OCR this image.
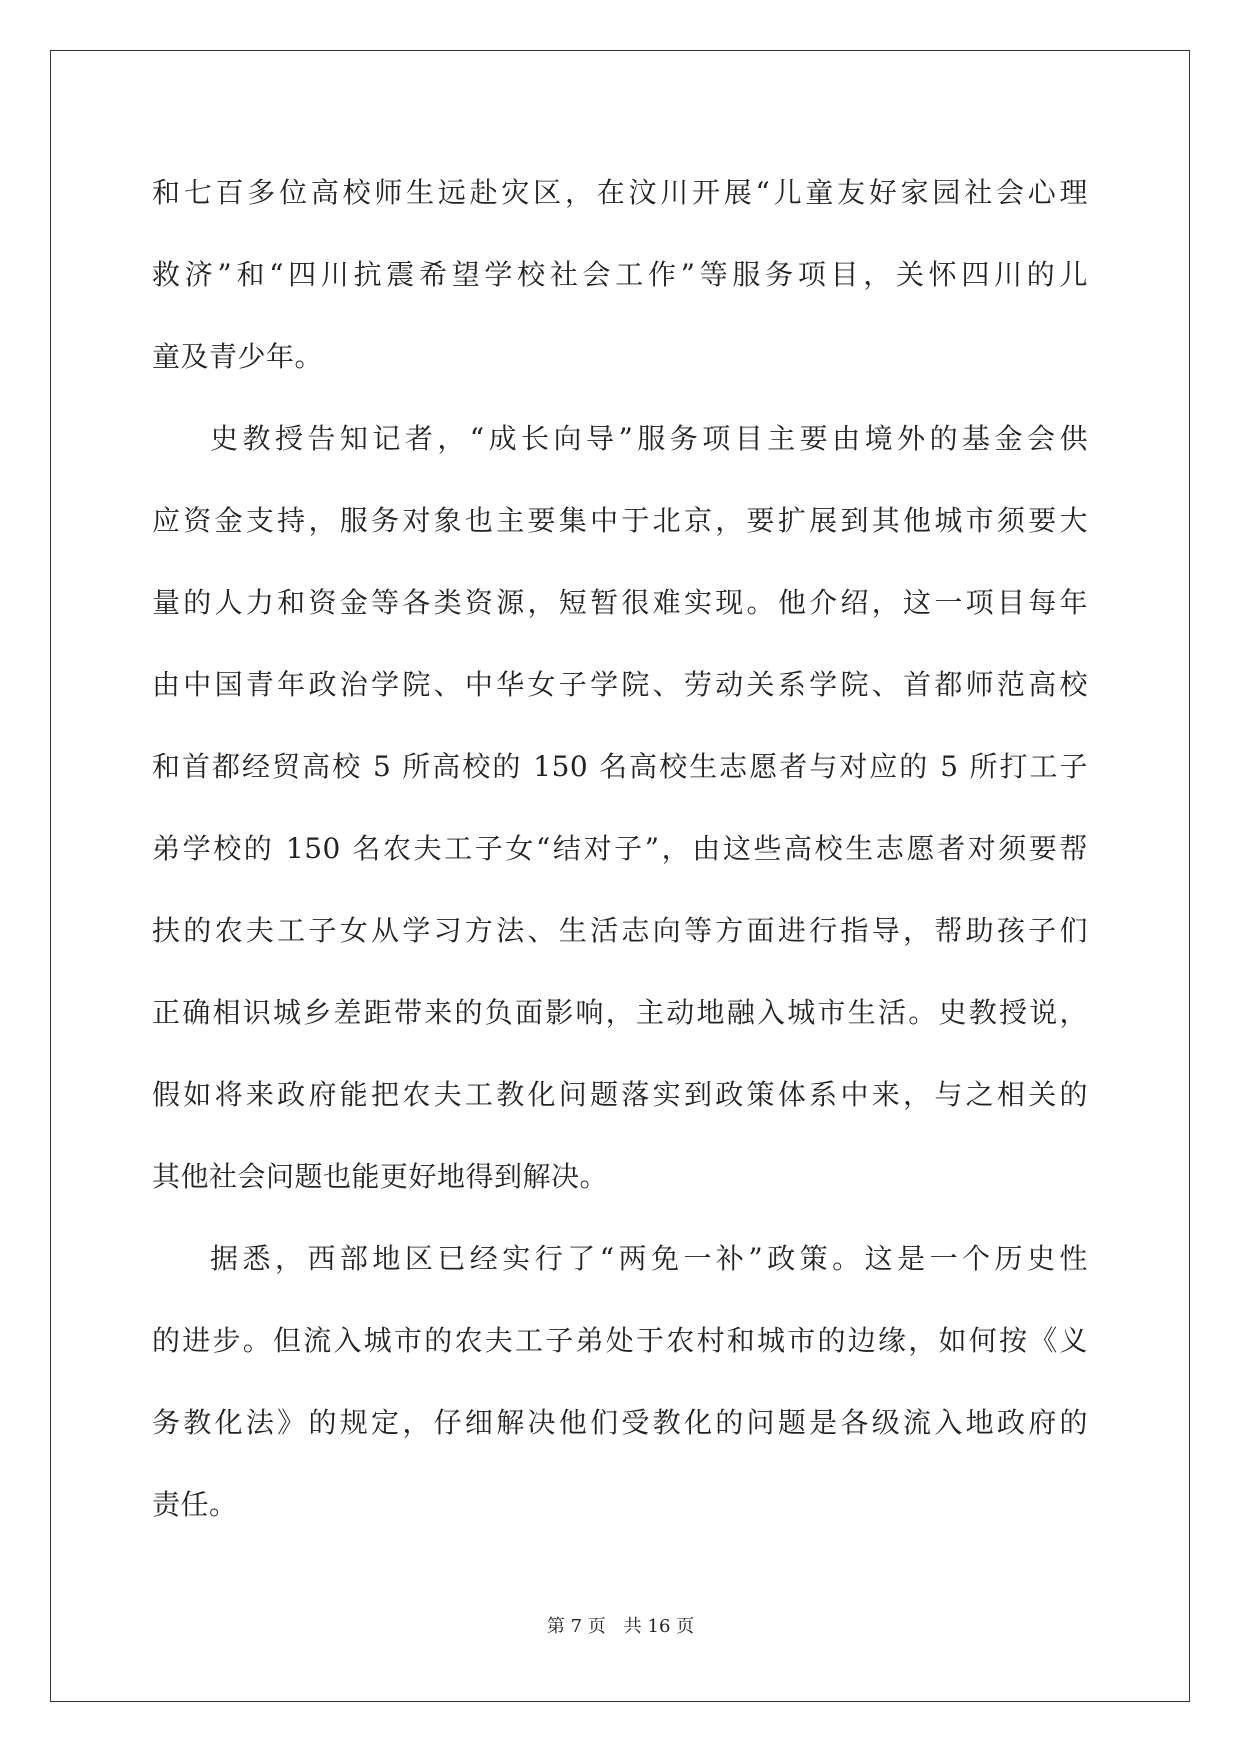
和七百多位高校师生远赴灾区，在汶川开展“儿童友好家园社会心理
救济”和“四川抗震希望学校社会工作”等服务项目，关怀四川的儿
童及青少年。
史教授告知记者，“成长向导”服务项目主要由境外的基金会供
应资金支持，服务对象也主要集中于北京，要扩展到其他城市须要大
量的人力和资金等各类资源，短暂很难实现。他介绍，这一项目每年
由中国青年政治学院、中华女子学院、劳动关系学院、首都师范高校
和首都经贸高校 5 所高校的 150 名高校生志愿者与对应的 5 所打工子
弟学校的 150 名农夫工子女“结对子”，由这些高校生志愿者对须要帮
扶的农夫工子女从学习方法、生活志向等方面进行指导，帮助孩子们
正确相识城乡差距带来的负面影响，主动地融入城市生活。史教授说，
假如将来政府能把农夫工教化问题落实到政策体系中来，与之相关的
其他社会问题也能更好地得到解决。
据悉，西部地区已经实行了“两免一补”政策。这是一个历史性
的进步。但流入城市的农夫工子弟处于农村和城市的边缘，如何按《义
务教化法》的规定，仔细解决他们受教化的问题是各级流入地政府的
责任。
第 7 页　共 16 页
